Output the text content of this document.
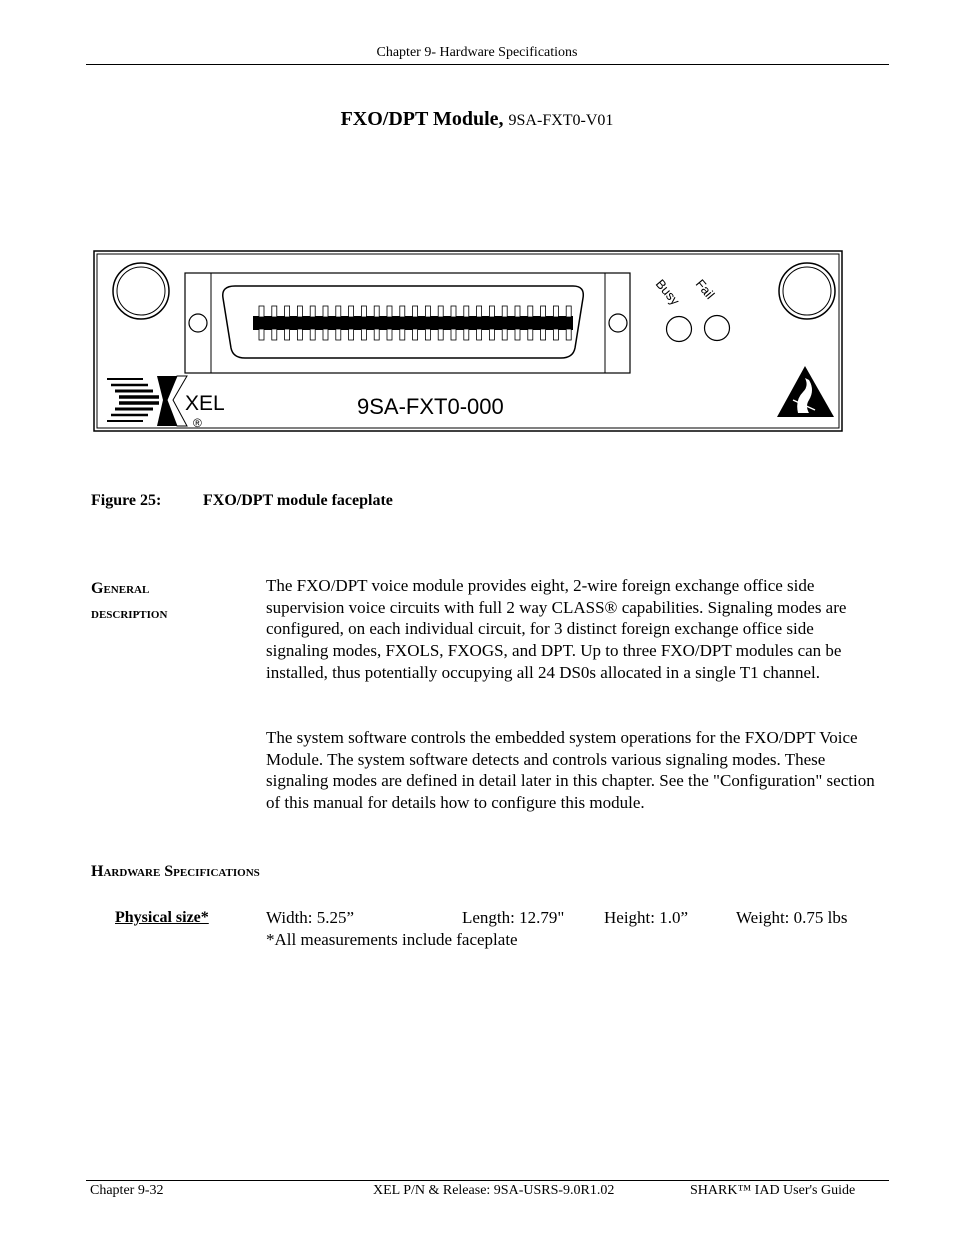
Chapter 9- Hardware Specifications
FXO/DPT Module, 9SA-FXT0-V01
Busy Fail
XEL
®
9SA-FXT0-000
Figure 25:	FXO/DPT module faceplate
General
description
The FXO/DPT voice module provides eight, 2-wire foreign exchange office side supervision voice circuits with full 2 way CLASS® capabilities. Signaling modes are configured, on each individual circuit, for 3 distinct foreign exchange office side signaling modes, FXOLS, FXOGS, and DPT. Up to three FXO/DPT modules can be installed, thus potentially occupying all 24 DS0s allocated in a single T1 channel.
The system software controls the embedded system operations for the FXO/DPT Voice Module. The system software detects and controls various signaling modes. These signaling modes are defined in detail later in this chapter. See the "Configuration" section of this manual for details how to configure this module.
Hardware Specifications
Physical size*	Width: 5.25”	Length: 12.79" Height: 1.0”	Weight: 0.75 lbs
*All measurements include faceplate
Chapter 9-32	XEL P/N & Release: 9SA-USRS-9.0R1.02	SHARK™ IAD User's Guide
